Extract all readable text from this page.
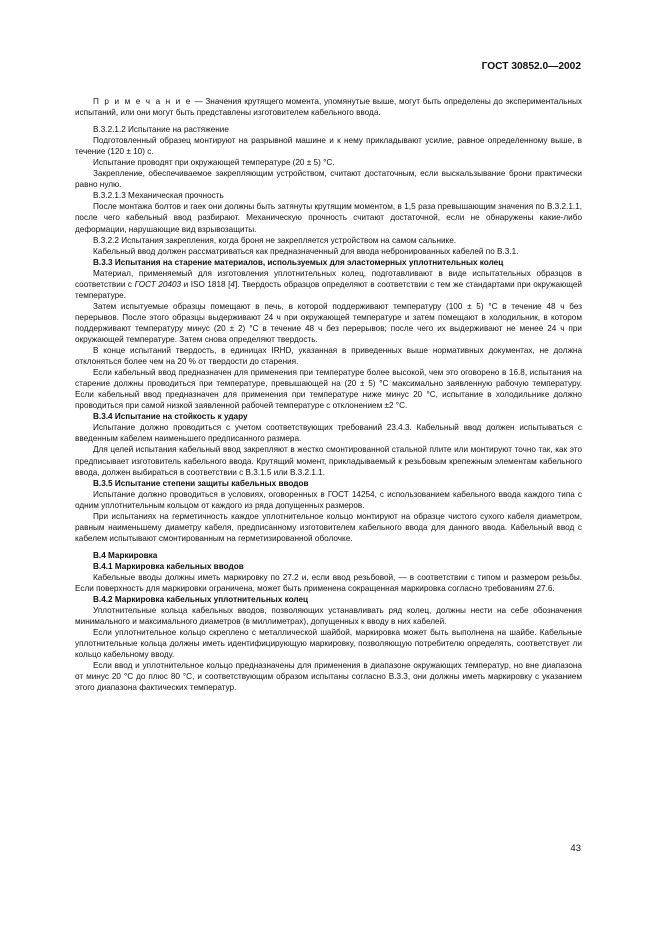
ГОСТ 30852.0—2002

П р и м е ч а н и е — Значения крутящего момента, упомянутые выше, могут быть определены до экспериментальных испытаний, или они могут быть представлены изготовителем кабельного ввода.

B.3.2.1.2 Испытание на растяжение

Подготовленный образец монтируют на разрывной машине и к нему прикладывают усилие, равное определенному выше, в течение (120 ± 10) с.

Испытание проводят при окружающей температуре (20 ± 5) °С.

Закрепление, обеспечиваемое закрепляющим устройством, считают достаточным, если выскальзывание брони практически равно нулю.

B.3.2.1.3 Механическая прочность

После монтажа болтов и гаек они должны быть затянуты крутящим моментом, в 1,5 раза превышающим значения по В.3.2.1.1, после чего кабельный ввод разбирают. Механическую прочность считают достаточной, если не обнаружены какие-либо деформации, нарушающие вид взрывозащиты.

B.3.2.2 Испытания закрепления, когда броня не закрепляется устройством на самом сальнике.

Кабельный ввод должен рассматриваться как предназначенный для ввода небронированных кабелей по В.3.1.

B.3.3 Испытания на старение материалов, используемых для эластомерных уплотнительных колец

Материал, применяемый для изготовления уплотнительных колец, подготавливают в виде испытательных образцов в соответствии с ГОСТ 20403 и ISO 1818 [4]. Твердость образцов определяют в соответствии с тем же стандартами при окружающей температуре.

Затем испытуемые образцы помещают в печь, в которой поддерживают температуру (100 ± 5) °С в течение 48 ч без перерывов. После этого образцы выдерживают 24 ч при окружающей температуре и затем помещают в холодильник, в котором поддерживают температуру минус (20 ± 2) °С в течение 48 ч без перерывов; после чего их выдерживают не менее 24 ч при окружающей температуре. Затем снова определяют твердость.

В конце испытаний твердость, в единицах IRHD, указанная в приведенных выше нормативных документах, не должна отклоняться более чем на 20 % от твердости до старения.

Если кабельный ввод предназначен для применения при температуре более высокой, чем это оговорено в 16.8, испытания на старение должны проводиться при температуре, превышающей на (20 ± 5) °С максимально заявленную рабочую температуру. Если кабельный ввод предназначен для применения при температуре ниже минус 20 °С, испытание в холодильнике должно проводиться при самой низкой заявленной рабочей температуре с отклонением ±2 °С.

B.3.4 Испытание на стойкость к удару

Испытание должно проводиться с учетом соответствующих требований 23.4.3. Кабельный ввод должен испытываться с введенным кабелем наименьшего предписанного размера.

Для целей испытания кабельный ввод закрепляют в жестко смонтированной стальной плите или монтируют точно так, как это предписывает изготовитель кабельного ввода. Крутящий момент, прикладываемый к резьбовым крепежным элементам кабельного ввода, должен выбираться в соответствии с В.3.1.5 или В.3.2.1.1.

B.3.5 Испытание степени защиты кабельных вводов

Испытание должно проводиться в условиях, оговоренных в ГОСТ 14254, с использованием кабельного ввода каждого типа с одним уплотнительным кольцом от каждого из ряда допущенных размеров.

При испытаниях на герметичность каждое уплотнительное кольцо монтируют на образце чистого сухого кабеля диаметром, равным наименьшему диаметру кабеля, предписанному изготовителем кабельного ввода для данного ввода. Кабельный ввод с кабелем испытывают смонтированным на герметизированной оболочке.

B.4 Маркировка

B.4.1 Маркировка кабельных вводов

Кабельные вводы должны иметь маркировку по 27.2 и, если ввод резьбовой, — в соответствии с типом и размером резьбы. Если поверхность для маркировки ограничена, может быть применена сокращенная маркировка согласно требованиям 27.6.

B.4.2 Маркировка кабельных уплотнительных колец

Уплотнительные кольца кабельных вводов, позволяющих устанавливать ряд колец, должны нести на себе обозначения минимального и максимального диаметров (в миллиметрах), допущенных к вводу в них кабелей.

Если уплотнительное кольцо скреплено с металлической шайбой, маркировка может быть выполнена на шайбе. Кабельные уплотнительные кольца должны иметь идентифицирующую маркировку, позволяющую потребителю определять, соответствует ли кольцо кабельному вводу.

Если ввод и уплотнительное кольцо предназначены для применения в диапазоне окружающих температур, но вне диапазона от минус 20 °С до плюс 80 °С, и соответствующим образом испытаны согласно В.3.3, они должны иметь маркировку с указанием этого диапазона фактических температур.

43
